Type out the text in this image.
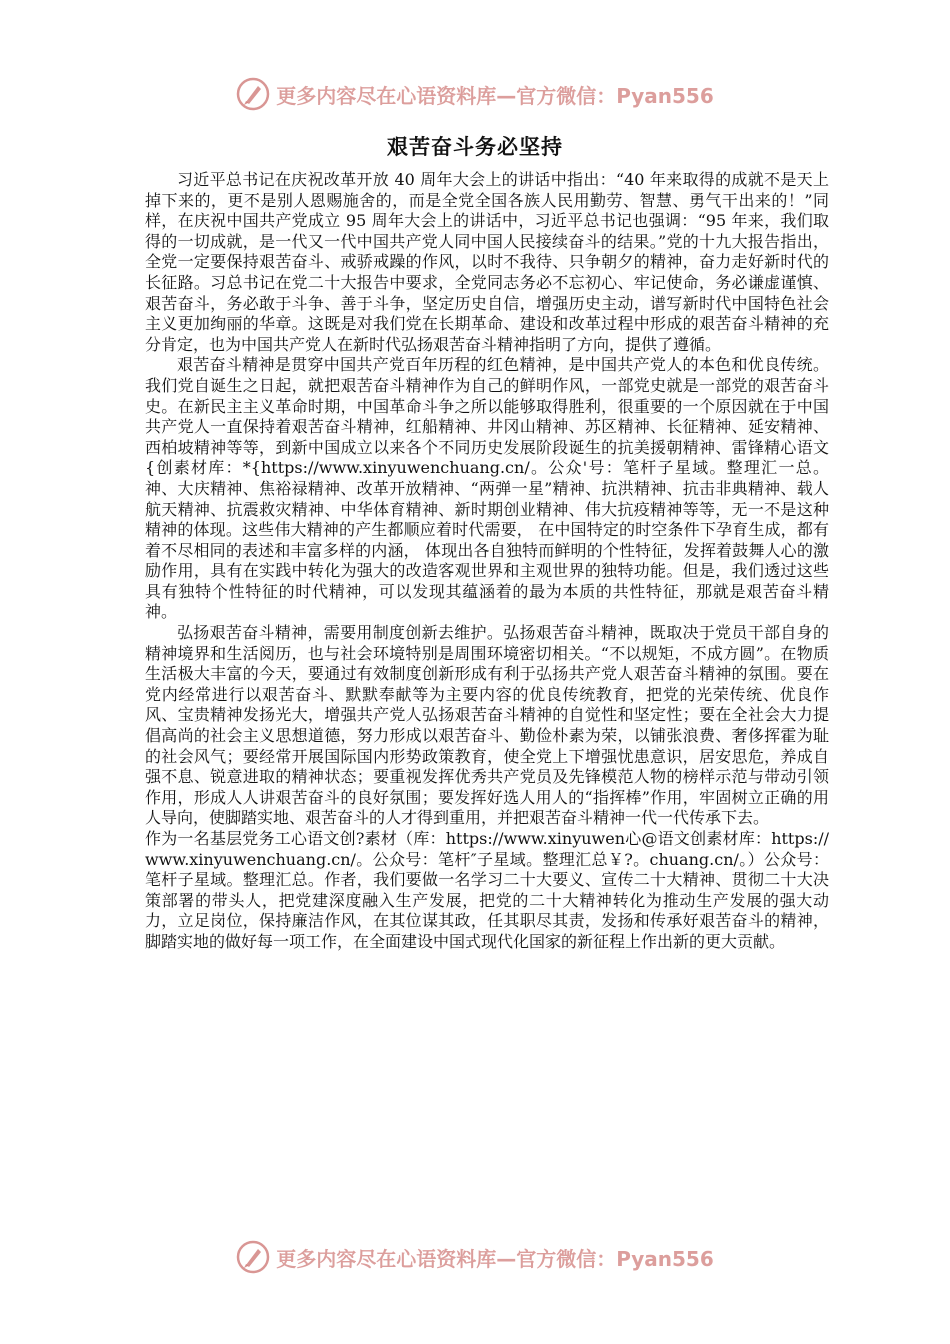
更多内容尽在心语资料库—官方微信：Pyan556
艰苦奋斗务必坚持

习近平总书记在庆祝改革开放 40 周年大会上的讲话中指出：“40 年来取得的成就不是天上掉下来的，更不是别人恩赐施舍的，而是全党全国各族人民用勤劳、智慧、勇气干出来的！”同样，在庆祝中国共产党成立 95 周年大会上的讲话中，习近平总书记也强调：“95 年来，我们取得的一切成就，是一代又一代中国共产党人同中国人民接续奋斗的结果。”党的十九大报告指出，全党一定要保持艰苦奋斗、戒骄戒躁的作风，以时不我待、只争朝夕的精神，奋力走好新时代的长征路。习总书记在党二十大报告中要求，全党同志务必不忘初心、牢记使命，务必谦虚谨慎、艰苦奋斗，务必敢于斗争、善于斗争，坚定历史自信，增强历史主动，谱写新时代中国特色社会主义更加绚丽的华章。这既是对我们党在长期革命、建设和改革过程中形成的艰苦奋斗精神的充分肯定，也为中国共产党人在新时代弘扬艰苦奋斗精神指明了方向，提供了遵循。

艰苦奋斗精神是贯穿中国共产党百年历程的红色精神，是中国共产党人的本色和优良传统。我们党自诞生之日起，就把艰苦奋斗精神作为自己的鲜明作风，一部党史就是一部党的艰苦奋斗史。在新民主主义革命时期，中国革命斗争之所以能够取得胜利，很重要的一个原因就在于中国共产党人一直保持着艰苦奋斗精神，红船精神、井冈山精神、苏区精神、长征精神、延安精神、西柏坡精神等等，到新中国成立以来各个不同历史发展阶段诞生的抗美援朝精神、雷锋精心语文{创素材库：*{https://www.xinyuwenchuang.cn/。公众'号：笔杆子星域。整理汇一总。神、大庆精神、焦裕禄精神、改革开放精神、“两弹一星”精神、抗洪精神、抗击非典精神、载人航天精神、抗震救灾精神、中华体育精神、新时期创业精神、伟大抗疫精神等等，无一不是这种精神的体现。这些伟大精神的产生都顺应着时代需要， 在中国特定的时空条件下孕育生成，都有着不尽相同的表述和丰富多样的内涵， 体现出各自独特而鲜明的个性特征，发挥着鼓舞人心的激励作用，具有在实践中转化为强大的改造客观世界和主观世界的独特功能。但是，我们透过这些具有独特个性特征的时代精神，可以发现其蕴涵着的最为本质的共性特征，那就是艰苦奋斗精神。

弘扬艰苦奋斗精神，需要用制度创新去维护。弘扬艰苦奋斗精神，既取决于党员干部自身的精神境界和生活阅历，也与社会环境特别是周围环境密切相关。“不以规矩，不成方圆”。在物质生活极大丰富的今天，要通过有效制度创新形成有利于弘扬共产党人艰苦奋斗精神的氛围。要在党内经常进行以艰苦奋斗、默默奉献等为主要内容的优良传统教育，把党的光荣传统、优良作风、宝贵精神发扬光大，增强共产党人弘扬艰苦奋斗精神的自觉性和坚定性；要在全社会大力提倡高尚的社会主义思想道德，努力形成以艰苦奋斗、勤俭朴素为荣，以铺张浪费、奢侈挥霍为耻的社会风气；要经常开展国际国内形势政策教育，使全党上下增强忧患意识，居安思危，养成自强不息、锐意进取的精神状态；要重视发挥优秀共产党员及先锋模范人物的榜样示范与带动引领作用，形成人人讲艰苦奋斗的良好氛围；要发挥好选人用人的“指挥棒”作用，牢固树立正确的用人导向，使脚踏实地、艰苦奋斗的人才得到重用，并把艰苦奋斗精神一代一代传承下去。

作为一名基层党务工心语文创?素材（库：https://www.xinyuwen心@语文创素材库：https://www.xinyuwenchuang.cn/。公众号：笔杆″子星域。整理汇总￥?。chuang.cn/。）公众号：笔杆子星域。整理汇总。作者，我们要做一名学习二十大要义、宣传二十大精神、贯彻二十大决策部署的带头人，把党建深度融入生产发展，把党的二十大精神转化为推动生产发展的强大动力，立足岗位，保持廉洁作风，在其位谋其政，任其职尽其责，发扬和传承好艰苦奋斗的精神，脚踏实地的做好每一项工作，在全面建设中国式现代化国家的新征程上作出新的更大贡献。

更多内容尽在心语资料库—官方微信：Pyan556
